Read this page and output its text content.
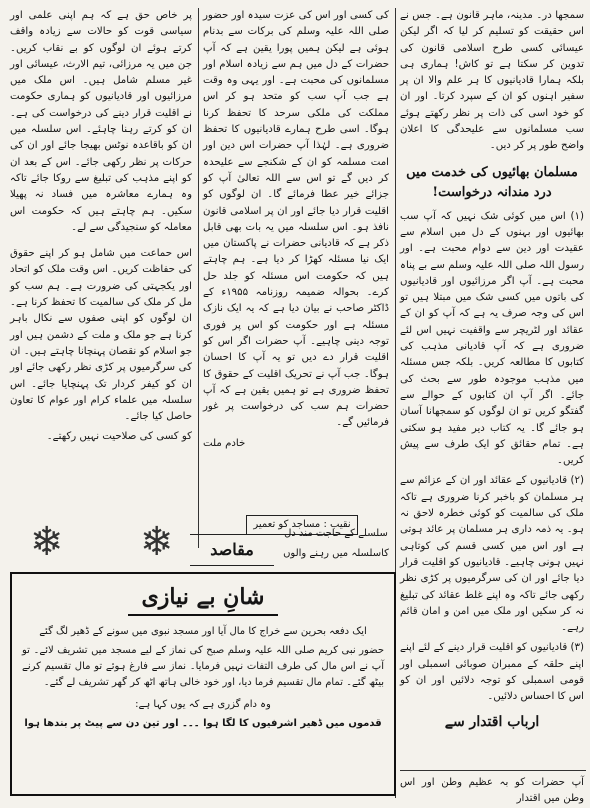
سمجھا در۔ مدینہ، ماہر قانون ہے۔ جس نے اس حقیقت کو تسلیم کر لیا کہ اگر لیکن عیسائی کسی طرح اسلامی قانون کی تدوین کر سکتا ہے تو کاش! ہماری ہی بلکہ ہمارا قادیانیوں کا ہر علم والا ان پر سفیر اہنوں کو ان کے سپرد کرتا۔ اور ان کو خود اسی کی ذات پر نظر رکھتے ہوئے سب مسلمانوں سے علیحدگی کا اعلان واضح طور پر کر دیں۔

مسلمان بھائیوں کی خدمت میں درد مندانہ درخواست!

(۱) اس میں کوئی شک نہیں کہ آپ سب بھائیوں اور بہنوں کے دل میں اسلام سے عقیدت اور دین سے دوام محبت ہے۔ اور رسول اللہ صلی اللہ علیہ وسلم سے بے پناہ محبت ہے۔ آپ اگر مرزائیوں اور قادیانیوں کی باتوں میں کسی شک میں مبتلا ہیں تو اس کی وجہ صرف یہ ہے کہ آپ کو ان کے عقائد اور لٹریچر سے واقفیت نہیں اس لئے ضروری ہے کہ آپ قادیانی مذہب کی کتابوں کا مطالعہ کریں۔ بلکہ جس مسئلہ میں مذہب موجودہ طور سے بحث کی جائے۔ اگر آپ ان کتابوں کے حوالے سے گفتگو کریں تو ان لوگوں کو سمجھانا آسان ہو جائے گا۔ یہ کتاب دیر مفید ہو سکتی ہے۔ تمام حقائق کو ایک طرف سے پیش کریں۔

(۲) قادیانیوں کے عقائد اور ان کے عزائم سے ہر مسلمان کو باخبر کرنا ضروری ہے تاکہ ملک کی سالمیت کو کوئی خطرہ لاحق نہ ہو۔ یہ ذمہ داری ہر مسلمان پر عائد ہوتی ہے اور اس میں کسی قسم کی کوتاہی نہیں ہونی چاہیے۔ قادیانیوں کو اقلیت قرار دیا جائے اور ان کی سرگرمیوں پر کڑی نظر رکھی جائے تاکہ وہ اپنے غلط عقائد کی تبلیغ نہ کر سکیں اور ملک میں امن و امان قائم رہے۔

(۳) قادیانیوں کو اقلیت قرار دینے کے لئے اپنے اپنے حلقہ کے ممبران صوبائی اسمبلی اور قومی اسمبلی کو توجہ دلائیں اور ان کو اس کا احساس دلائیں۔

ارباب اقتدار سے
آپ حضرات کو بہ عظیم وطن اور اس وطن میں اقتدار

کی کسی اور اس کی عزت سیدہ اور حضور صلی اللہ علیہ وسلم کی برکات سے بدنام ہوئی ہے لیکن ہمیں پورا یقین ہے کہ آپ حضرات کے دل میں ہم سے زیادہ اسلام اور مسلمانوں کی محبت ہے۔ اور یہی وہ وقت ہے جب آپ سب کو متحد ہو کر اس مملکت کی ملکی سرحد کا تحفظ کرنا ہوگا۔ اسی طرح ہمارے قادیانیوں کا تحفظ ضروری ہے۔ لہٰذا آپ حضرات اس دین اور امت مسلمہ کو ان کے شکنجے سے علیحدہ کر دیں گے تو اس سے اللہ تعالیٰ آپ کو جزائے خیر عطا فرمائے گا۔ ان لوگوں کو اقلیت قرار دیا جائے اور ان پر اسلامی قانون نافذ ہو۔ اس سلسلہ میں یہ بات بھی قابل ذکر ہے کہ قادیانی حضرات نے پاکستان میں ایک نیا مسئلہ کھڑا کر دیا ہے۔ ہم چاہتے ہیں کہ حکومت اس مسئلہ کو جلد حل کرے۔ بحوالہ ضمیمہ روزنامہ ۱۹۵۵ء کے ڈاکٹر صاحب نے بیان دیا ہے کہ یہ ایک نازک مسئلہ ہے اور حکومت کو اس پر فوری توجہ دینی چاہیے۔ آپ حضرات اگر اس کو اقلیت قرار دے دیں تو یہ آپ کا احسان ہوگا۔ جب آپ نے تحریک اقلیت کے حقوق کا تحفظ ضروری ہے تو ہمیں یقین ہے کہ آپ حضرات ہم سب کی درخواست پر غور فرمائیں گے۔

خادم ملت
نقیب : مساجد کو تعمیر

پر خاص حق ہے کہ ہم اپنی علمی اور سیاسی قوت کو حالات سے زیادہ واقف کرتے ہوئے ان لوگوں کو بے نقاب کریں۔ جن میں یہ مرزائی، تیم الارث، عیسائی اور غیر مسلم شامل ہیں۔ اس ملک میں مرزائیوں اور قادیانیوں کو ہماری حکومت نے اقلیت قرار دینے کی درخواست کی ہے۔ ان کو کرتے رہنا چاہئے۔ اس سلسلہ میں ان کو باقاعدہ نوٹس بھیجا جائے اور ان کی حرکات پر نظر رکھی جائے۔ اس کے بعد ان کو اپنے مذہب کی تبلیغ سے روکا جائے تاکہ وہ ہمارے معاشرہ میں فساد نہ پھیلا سکیں۔ ہم چاہتے ہیں کہ حکومت اس معاملہ کو سنجیدگی سے لے۔

اس حماعت میں شامل ہو کر اپنے حقوق کی حفاظت کریں۔ اس وقت ملک کو اتحاد اور یکجہتی کی ضرورت ہے۔ ہم سب کو مل کر ملک کی سالمیت کا تحفظ کرنا ہے۔ ان لوگوں کو اپنی صفوں سے نکال باہر کرنا ہے جو ملک و ملت کے دشمن ہیں اور جو اسلام کو نقصان پہنچانا چاہتے ہیں۔ ان کی سرگرمیوں پر کڑی نظر رکھی جائے اور ان کو کیفر کردار تک پہنچایا جائے۔ اس سلسلہ میں علماء کرام اور عوام کا تعاون حاصل کیا جائے۔

کو کسی کی صلاحیت نہیں رکھتے۔
❄ ❄	مقاصد
سلسلے کے حاجت مند دل
کاسلسلہ میں رہنے والوں
شانِ بے نیازی
ایک دفعہ بحرین سے خراج کا مال آیا اور مسجد نبوی میں سونے کے ڈھیر لگ گئے
حضور نبی کریم صلی اللہ علیہ وسلم صبح کی نماز کے لیے مسجد میں تشریف لائے۔ تو آپ نے اس مال کی طرف التفات نہیں فرمایا۔ نماز سے فارغ ہوئے تو مال تقسیم کرنے بیٹھ گئے۔ تمام مال تقسیم فرما دیا، اور خود خالی ہاتھ اٹھ کر گھر تشریف لے گئے۔
وہ دام گزری ہے کہ یوں کہا ہے:
قدموں میں ڈھیر اشرفیوں کا لگا ہوا ۔۔۔ اور تین دن سے پیٹ پر بندھا ہوا
